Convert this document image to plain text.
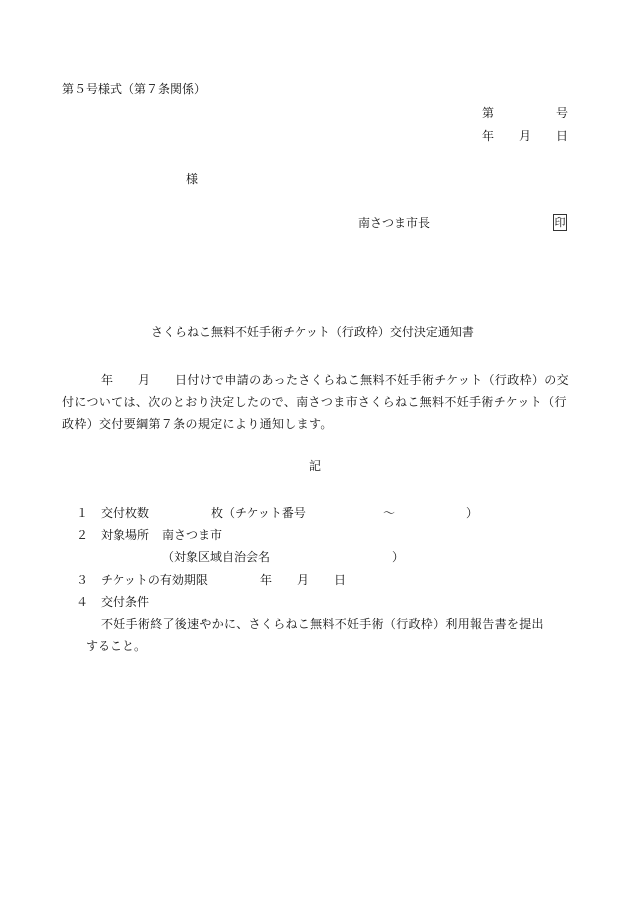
第５号様式（第７条関係）
第	号
年 月 日
様
南さつま市長	印
さくらねこ無料不妊手術チケット（行政枠）交付決定通知書
年 月 日付けで申請のあったさくらねこ無料不妊手術チケット（行政枠）の交
付については、次のとおり決定したので、南さつま市さくらねこ無料不妊手術チケット（行
政枠）交付要綱第７条の規定により通知します。
記
１ 交付枚数	枚（チケット番号	～	）
２ 対象場所 南さつま市
（対象区域自治会名	）
３ チケットの有効期限	年 月 日
４ 交付条件
不妊手術終了後速やかに、さくらねこ無料不妊手術（行政枠）利用報告書を提出
すること。
